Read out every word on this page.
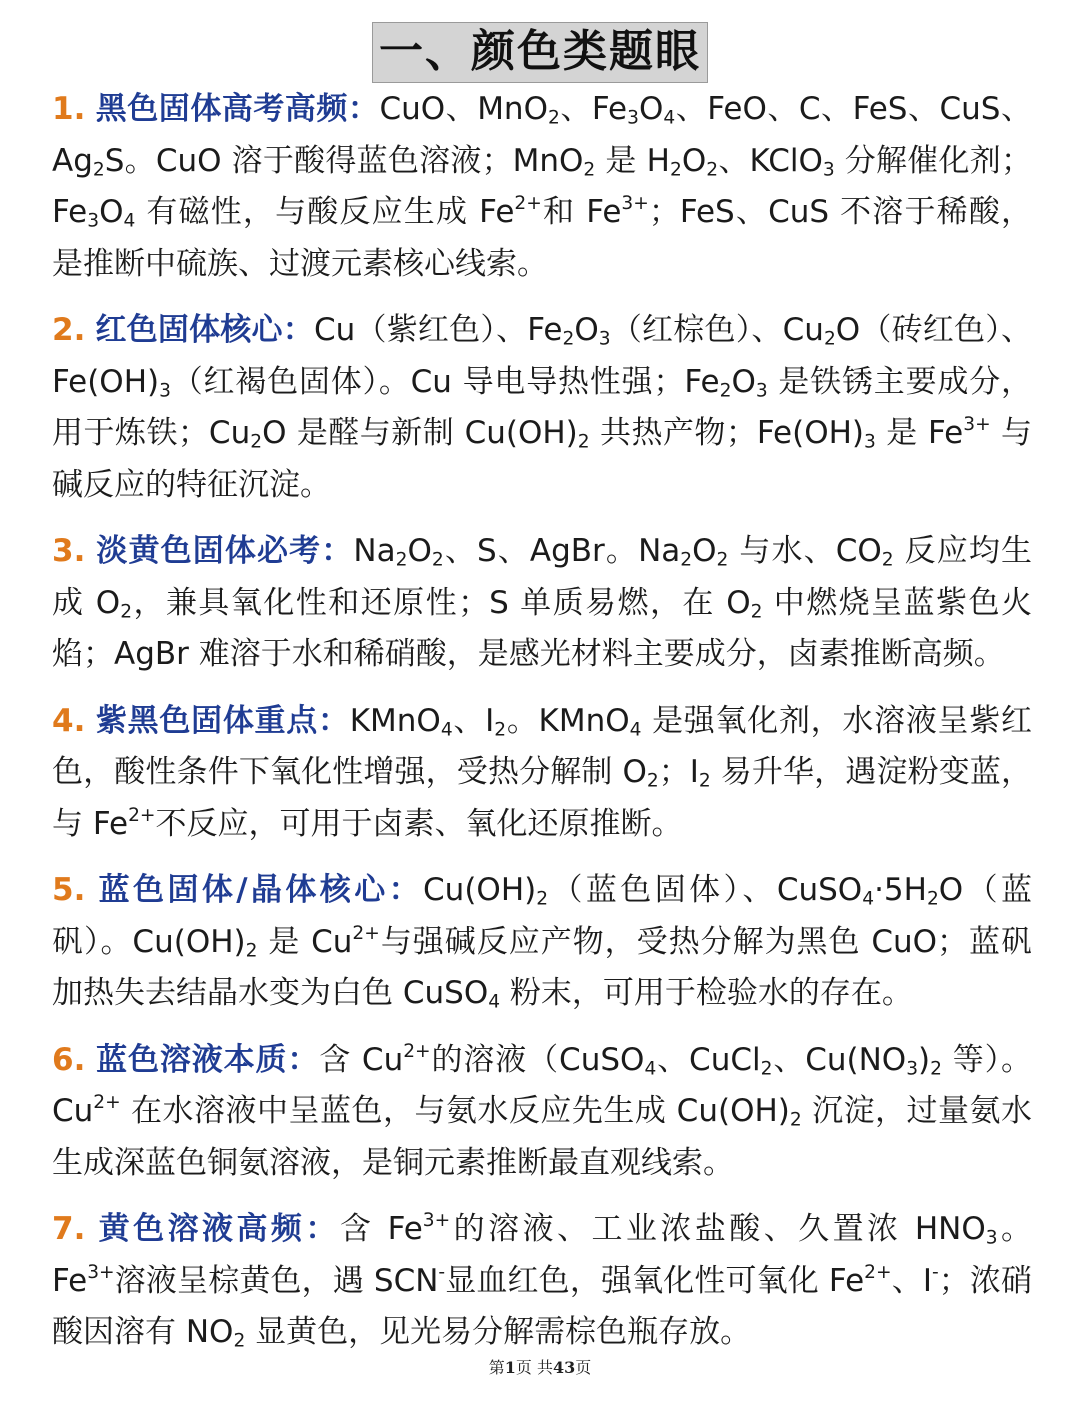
一、颜色类题眼

1. 黑色固体高考高频：CuO、MnO$_2$、$Fe_3O_4$、FeO、C、FeS、CuS、$Ag_2S$。CuO 溶于酸得蓝色溶液；MnO$_2$ 是 $H_2O_2$、KClO$_3$ 分解催化剂；$Fe_3O_4$ 有磁性，与酸反应生成 $Fe^{2+}$和 $Fe^{3+}$；FeS、CuS 不溶于稀酸，是推断中硫族、过渡元素核心线索。

2. 红色固体核心：Cu（紫红色）、$Fe_2O_3$（红棕色）、$Cu_2O$（砖红色）、$Fe(OH)_3$（红褐色固体）。Cu 导电导热性强；$Fe_2O_3$ 是铁锈主要成分，用于炼铁；$Cu_2O$ 是醛与新制 $Cu(OH)_2$ 共热产物；$Fe(OH)_3$ 是 $Fe^{3+}$ 与碱反应的特征沉淀。

3. 淡黄色固体必考：$Na_2O_2$、S、AgBr。$Na_2O_2$ 与水、$CO_2$ 反应均生成 $O_2$，兼具氧化性和还原性；S 单质易燃，在 $O_2$ 中燃烧呈蓝紫色火焰；AgBr 难溶于水和稀硝酸，是感光材料主要成分，卤素推断高频。

4. 紫黑色固体重点：KMnO$_4$、$I_2$。KMnO$_4$ 是强氧化剂，水溶液呈紫红色，酸性条件下氧化性增强，受热分解制 $O_2$；$I_2$ 易升华，遇淀粉变蓝，与 $Fe^{2+}$不反应，可用于卤素、氧化还原推断。

5. 蓝色固体/晶体核心：$Cu(OH)_2$（蓝色固体）、$CuSO_4\cdot 5H_2O$（蓝矾）。$Cu(OH)_2$ 是 $Cu^{2+}$与强碱反应产物，受热分解为黑色 CuO；蓝矾加热失去结晶水变为白色 CuSO$_4$ 粉末，可用于检验水的存在。

6. 蓝色溶液本质：含 $Cu^{2+}$的溶液（CuSO$_4$、CuCl$_2$、$Cu(NO_3)_2$ 等）。$Cu^{2+}$ 在水溶液中呈蓝色，与氨水反应先生成 $Cu(OH)_2$ 沉淀，过量氨水生成深蓝色铜氨溶液，是铜元素推断最直观线索。

7. 黄色溶液高频：含 $Fe^{3+}$的溶液、工业浓盐酸、久置浓 $HNO_3$。$Fe^{3+}$溶液呈棕黄色，遇 SCN-显血红色，强氧化性可氧化 $Fe^{2+}$、I-；浓硝酸因溶有 $NO_2$ 显黄色，见光易分解需棕色瓶存放。

第1页 共43页
